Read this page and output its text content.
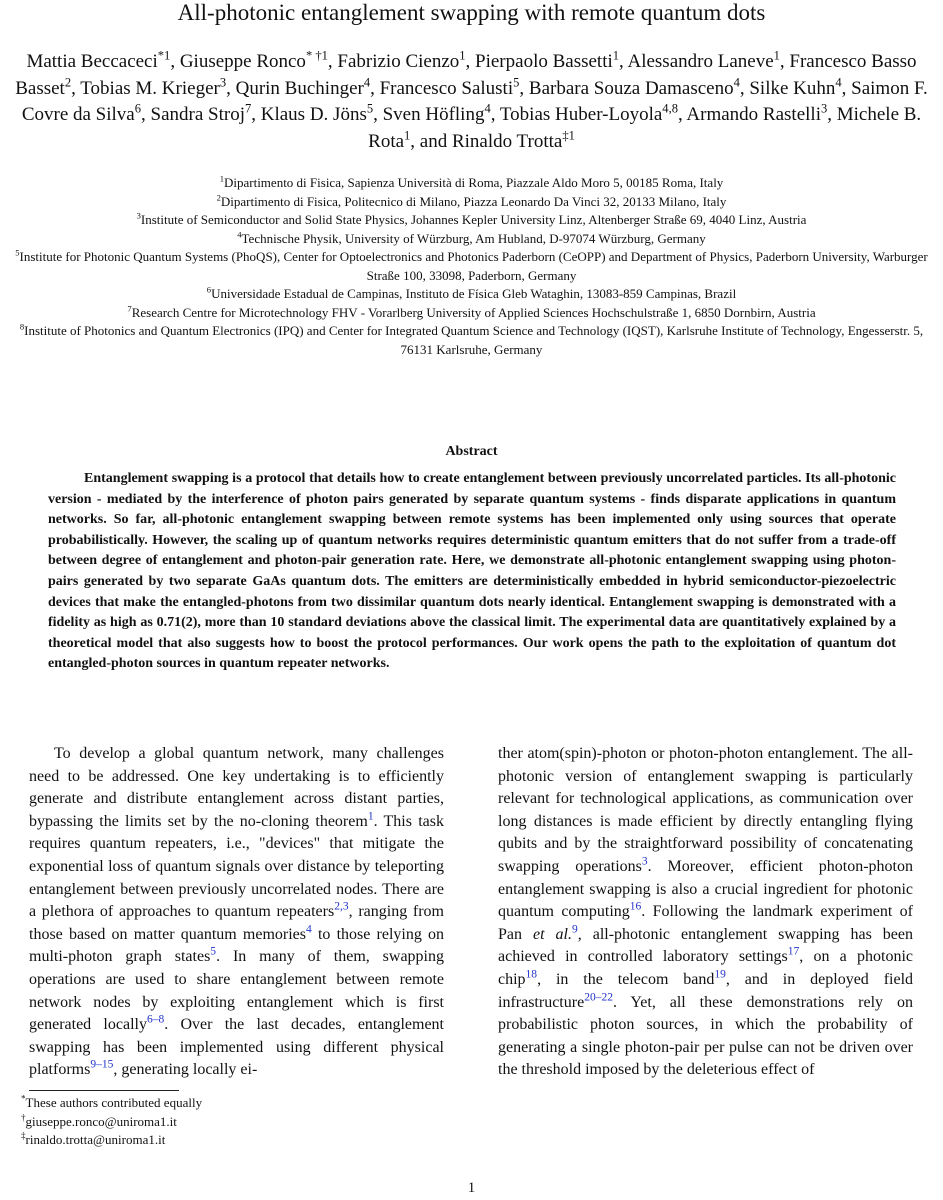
All-photonic entanglement swapping with remote quantum dots
Mattia Beccaceci$^{*1}$, Giuseppe Ronco$^{* \dagger 1}$, Fabrizio Cienzo$^1$, Pierpaolo Bassetti$^1$, Alessandro Laneve$^1$, Francesco Basso Basset$^2$, Tobias M. Krieger$^3$, Qurin Buchinger$^4$, Francesco Salusti$^5$, Barbara Souza Damasceno$^4$, Silke Kuhn$^4$, Saimon F. Covre da Silva$^6$, Sandra Stroj$^7$, Klaus D. Jöns$^5$, Sven Höfling$^4$, Tobias Huber-Loyola$^{4,8}$, Armando Rastelli$^3$, Michele B. Rota$^1$, and Rinaldo Trotta$^{\ddagger 1}$
$^1$Dipartimento di Fisica, Sapienza Università di Roma, Piazzale Aldo Moro 5, 00185 Roma, Italy
$^2$Dipartimento di Fisica, Politecnico di Milano, Piazza Leonardo Da Vinci 32, 20133 Milano, Italy
$^3$Institute of Semiconductor and Solid State Physics, Johannes Kepler University Linz, Altenberger Straße 69, 4040 Linz, Austria
$^4$Technische Physik, University of Würzburg, Am Hubland, D-97074 Würzburg, Germany
$^5$Institute for Photonic Quantum Systems (PhoQS), Center for Optoelectronics and Photonics Paderborn (CeOPP) and Department of Physics, Paderborn University, Warburger Straße 100, 33098, Paderborn, Germany
$^6$Universidade Estadual de Campinas, Instituto de Física Gleb Wataghin, 13083-859 Campinas, Brazil
$^7$Research Centre for Microtechnology FHV - Vorarlberg University of Applied Sciences Hochschulstraße 1, 6850 Dornbirn, Austria
$^8$Institute of Photonics and Quantum Electronics (IPQ) and Center for Integrated Quantum Science and Technology (IQST), Karlsruhe Institute of Technology, Engesserstr. 5, 76131 Karlsruhe, Germany
Abstract
Entanglement swapping is a protocol that details how to create entanglement between previously uncorrelated particles. Its all-photonic version - mediated by the interference of photon pairs generated by separate quantum systems - finds disparate applications in quantum networks. So far, all-photonic entanglement swapping between remote systems has been implemented only using sources that operate probabilistically. However, the scaling up of quantum networks requires deterministic quantum emitters that do not suffer from a trade-off between degree of entanglement and photon-pair generation rate. Here, we demonstrate all-photonic entanglement swapping using photon-pairs generated by two separate GaAs quantum dots. The emitters are deterministically embedded in hybrid semiconductor-piezoelectric devices that make the entangled-photons from two dissimilar quantum dots nearly identical. Entanglement swapping is demonstrated with a fidelity as high as 0.71(2), more than 10 standard deviations above the classical limit. The experimental data are quantitatively explained by a theoretical model that also suggests how to boost the protocol performances. Our work opens the path to the exploitation of quantum dot entangled-photon sources in quantum repeater networks.
To develop a global quantum network, many challenges need to be addressed. One key undertaking is to efficiently generate and distribute entanglement across distant parties, bypassing the limits set by the no-cloning theorem$^1$. This task requires quantum repeaters, i.e., "devices" that mitigate the exponential loss of quantum signals over distance by teleporting entanglement between previously uncorrelated nodes. There are a plethora of approaches to quantum repeaters$^{2,3}$, ranging from those based on matter quantum memories$^4$ to those relying on multi-photon graph states$^5$. In many of them, swapping operations are used to share entanglement between remote network nodes by exploiting entanglement which is first generated locally$^{6-8}$. Over the last decades, entanglement swapping has been implemented using different physical platforms$^{9-15}$, generating locally ei-
ther atom(spin)-photon or photon-photon entanglement. The all-photonic version of entanglement swapping is particularly relevant for technological applications, as communication over long distances is made efficient by directly entangling flying qubits and by the straightforward possibility of concatenating swapping operations$^3$. Moreover, efficient photon-photon entanglement swapping is also a crucial ingredient for photonic quantum computing$^{16}$. Following the landmark experiment of Pan et al.$^9$, all-photonic entanglement swapping has been achieved in controlled laboratory settings$^{17}$, on a photonic chip$^{18}$, in the telecom band$^{19}$, and in deployed field infrastructure$^{20-22}$. Yet, all these demonstrations rely on probabilistic photon sources, in which the probability of generating a single photon-pair per pulse can not be driven over the threshold imposed by the deleterious effect of
*These authors contributed equally
†giuseppe.ronco@uniroma1.it
‡rinaldo.trotta@uniroma1.it
1
